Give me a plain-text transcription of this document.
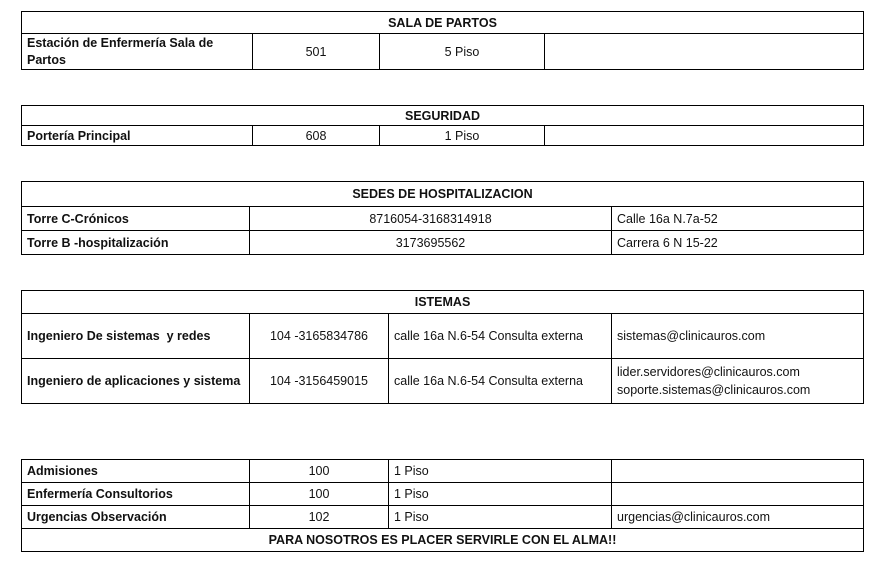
SALA DE PARTOS
Estación de Enfermería Sala de Partos	501	5 Piso	
SEGURIDAD
Portería Principal	608	1 Piso	
SEDES DE HOSPITALIZACION		
Torre C-Crónicos	8716054-3168314918	Calle 16a N.7a-52
Torre B -hospitalización	3173695562	Carrera 6 N 15-22
ISTEMAS			
Ingeniero De sistemas  y redes	104 -3165834786	calle 16a N.6-54 Consulta externa	sistemas@clinicauros.com

Ingeniero de aplicaciones y sistema	104 -3156459015	calle 16a N.6-54 Consulta externa	lider.servidores@clinicauros.com
soporte.sistemas@clinicauros.com
Admisiones	100	1 Piso	
Enfermería Consultorios	100	1 Piso	
Urgencias Observación	102	1 Piso	urgencias@clinicauros.com
PARA NOSOTROS ES PLACER SERVIRLE CON EL ALMA!!			
